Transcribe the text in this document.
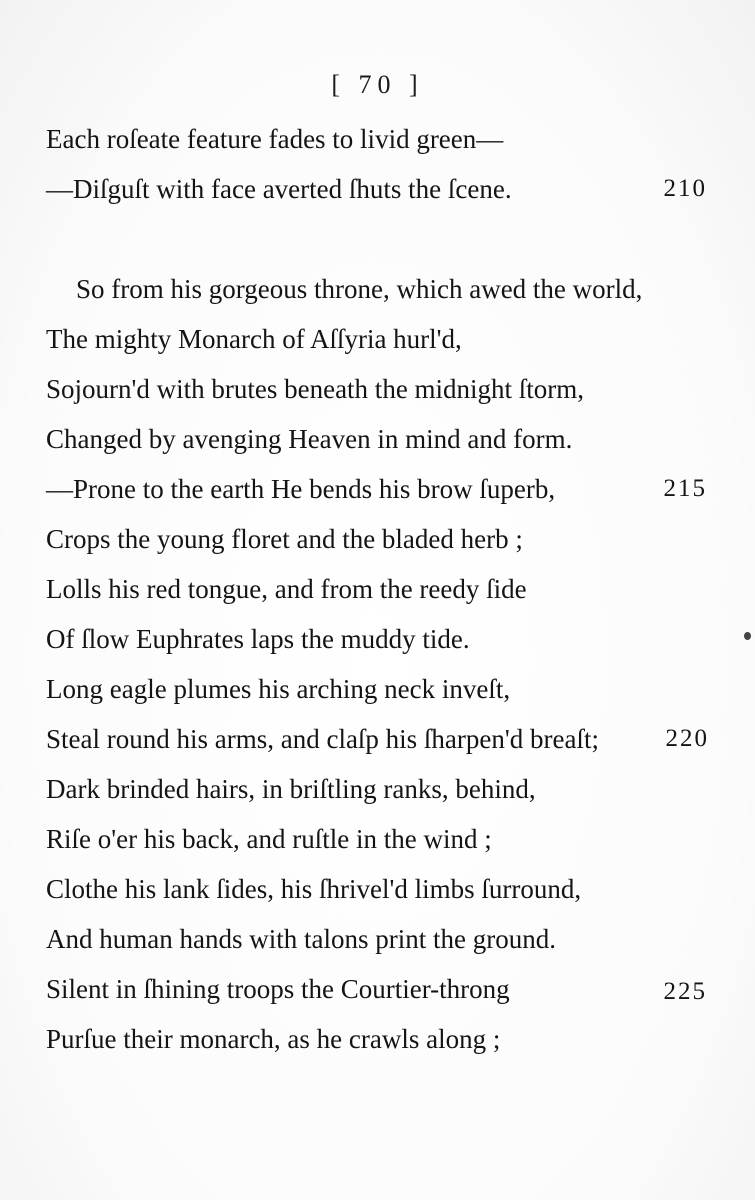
[ 70 ]
Each roſeate feature fades to livid green—
—Diſguſt with face averted ſhuts the ſcene.	210
So from his gorgeous throne, which awed the world,
The mighty Monarch of Aſſyria hurl'd,
Sojourn'd with brutes beneath the midnight ſtorm,
Changed by avenging Heaven in mind and form.
—Prone to the earth He bends his brow ſuperb,	215
Crops the young floret and the bladed herb ;
Lolls his red tongue, and from the reedy ſide
Of ſlow Euphrates laps the muddy tide.
Long eagle plumes his arching neck inveſt,
Steal round his arms, and claſp his ſharpen'd breaſt;	220
Dark brinded hairs, in briſtling ranks, behind,
Riſe o'er his back, and ruſtle in the wind ;
Clothe his lank ſides, his ſhrivel'd limbs ſurround,
And human hands with talons print the ground.
Silent in ſhining troops the Courtier-throng	225
Purſue their monarch, as he crawls along ;
